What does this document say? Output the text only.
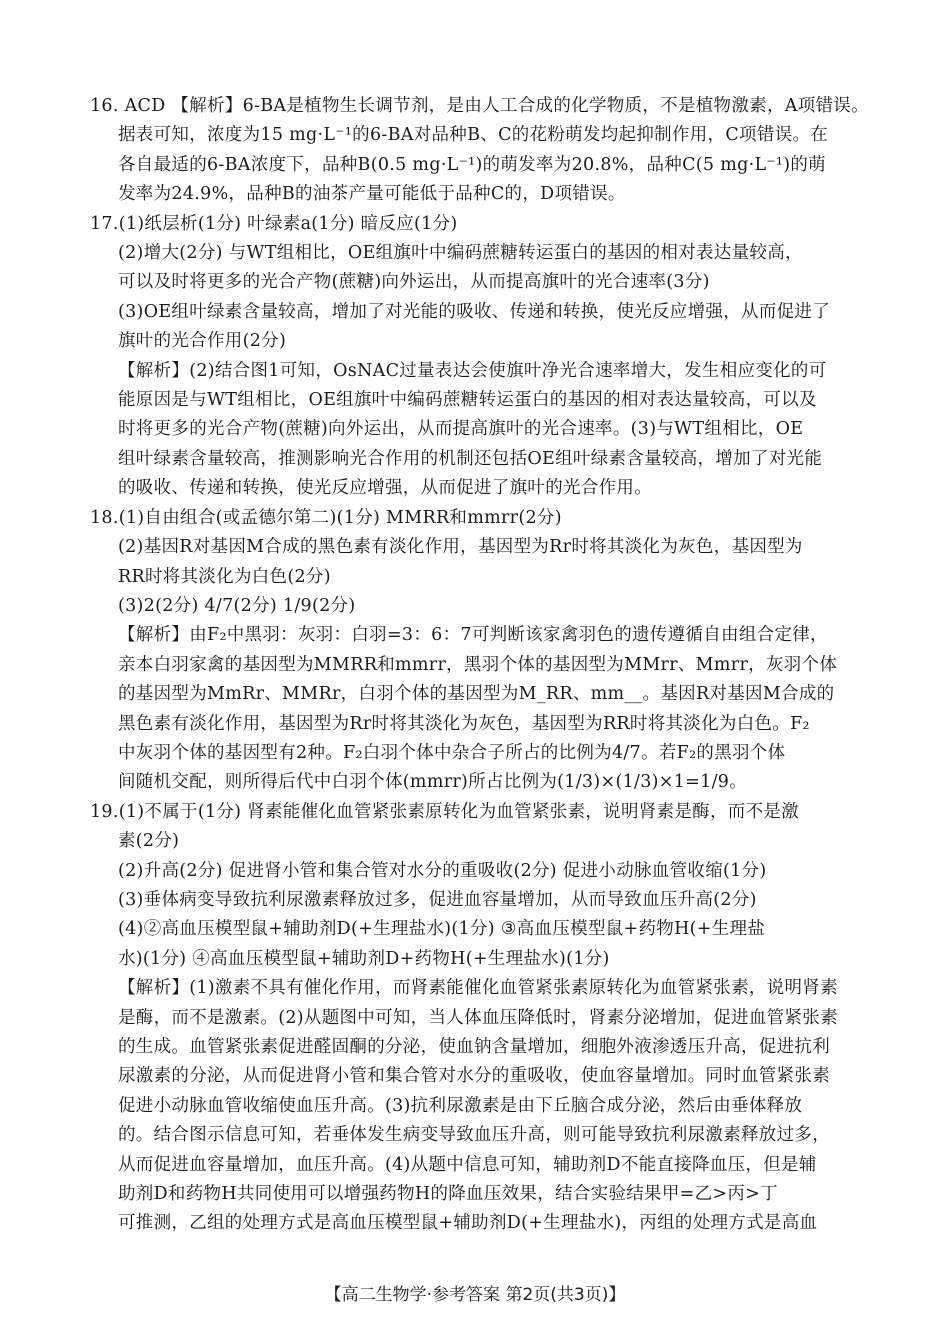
16. ACD 【解析】6-BA是植物生长调节剂，是由人工合成的化学物质，不是植物激素，A项错误。
据表可知，浓度为15 mg·L⁻¹的6-BA对品种B、C的花粉萌发均起抑制作用，C项错误。在
各自最适的6-BA浓度下，品种B(0.5 mg·L⁻¹)的萌发率为20.8%，品种C(5 mg·L⁻¹)的萌
发率为24.9%，品种B的油茶产量可能低于品种C的，D项错误。
17.(1)纸层析(1分) 叶绿素a(1分) 暗反应(1分)
(2)增大(2分) 与WT组相比，OE组旗叶中编码蔗糖转运蛋白的基因的相对表达量较高，
可以及时将更多的光合产物(蔗糖)向外运出，从而提高旗叶的光合速率(3分)
(3)OE组叶绿素含量较高，增加了对光能的吸收、传递和转换，使光反应增强，从而促进了
旗叶的光合作用(2分)
【解析】(2)结合图1可知，OsNAC过量表达会使旗叶净光合速率增大，发生相应变化的可
能原因是与WT组相比，OE组旗叶中编码蔗糖转运蛋白的基因的相对表达量较高，可以及
时将更多的光合产物(蔗糖)向外运出，从而提高旗叶的光合速率。(3)与WT组相比，OE
组叶绿素含量较高，推测影响光合作用的机制还包括OE组叶绿素含量较高，增加了对光能
的吸收、传递和转换，使光反应增强，从而促进了旗叶的光合作用。
18.(1)自由组合(或孟德尔第二)(1分) MMRR和mmrr(2分)
(2)基因R对基因M合成的黑色素有淡化作用，基因型为Rr时将其淡化为灰色，基因型为
RR时将其淡化为白色(2分)
(3)2(2分) 4/7(2分) 1/9(2分)
【解析】由F₂中黑羽：灰羽：白羽=3：6：7可判断该家禽羽色的遗传遵循自由组合定律，
亲本白羽家禽的基因型为MMRR和mmrr，黑羽个体的基因型为MMrr、Mmrr，灰羽个体
的基因型为MmRr、MMRr，白羽个体的基因型为M_RR、mm__。基因R对基因M合成的
黑色素有淡化作用，基因型为Rr时将其淡化为灰色，基因型为RR时将其淡化为白色。F₂
中灰羽个体的基因型有2种。F₂白羽个体中杂合子所占的比例为4/7。若F₂的黑羽个体
间随机交配，则所得后代中白羽个体(mmrr)所占比例为(1/3)×(1/3)×1=1/9。
19.(1)不属于(1分) 肾素能催化血管紧张素原转化为血管紧张素，说明肾素是酶，而不是激
素(2分)
(2)升高(2分) 促进肾小管和集合管对水分的重吸收(2分) 促进小动脉血管收缩(1分)
(3)垂体病变导致抗利尿激素释放过多，促进血容量增加，从而导致血压升高(2分)
(4)②高血压模型鼠+辅助剂D(+生理盐水)(1分) ③高血压模型鼠+药物H(+生理盐
水)(1分) ④高血压模型鼠+辅助剂D+药物H(+生理盐水)(1分)
【解析】(1)激素不具有催化作用，而肾素能催化血管紧张素原转化为血管紧张素，说明肾素
是酶，而不是激素。(2)从题图中可知，当人体血压降低时，肾素分泌增加，促进血管紧张素
的生成。血管紧张素促进醛固酮的分泌，使血钠含量增加，细胞外液渗透压升高，促进抗利
尿激素的分泌，从而促进肾小管和集合管对水分的重吸收，使血容量增加。同时血管紧张素
促进小动脉血管收缩使血压升高。(3)抗利尿激素是由下丘脑合成分泌，然后由垂体释放
的。结合图示信息可知，若垂体发生病变导致血压升高，则可能导致抗利尿激素释放过多，
从而促进血容量增加，血压升高。(4)从题中信息可知，辅助剂D不能直接降血压，但是辅
助剂D和药物H共同使用可以增强药物H的降血压效果，结合实验结果甲=乙>丙>丁
可推测，乙组的处理方式是高血压模型鼠+辅助剂D(+生理盐水)，丙组的处理方式是高血
【高二生物学·参考答案 第2页(共3页)】
